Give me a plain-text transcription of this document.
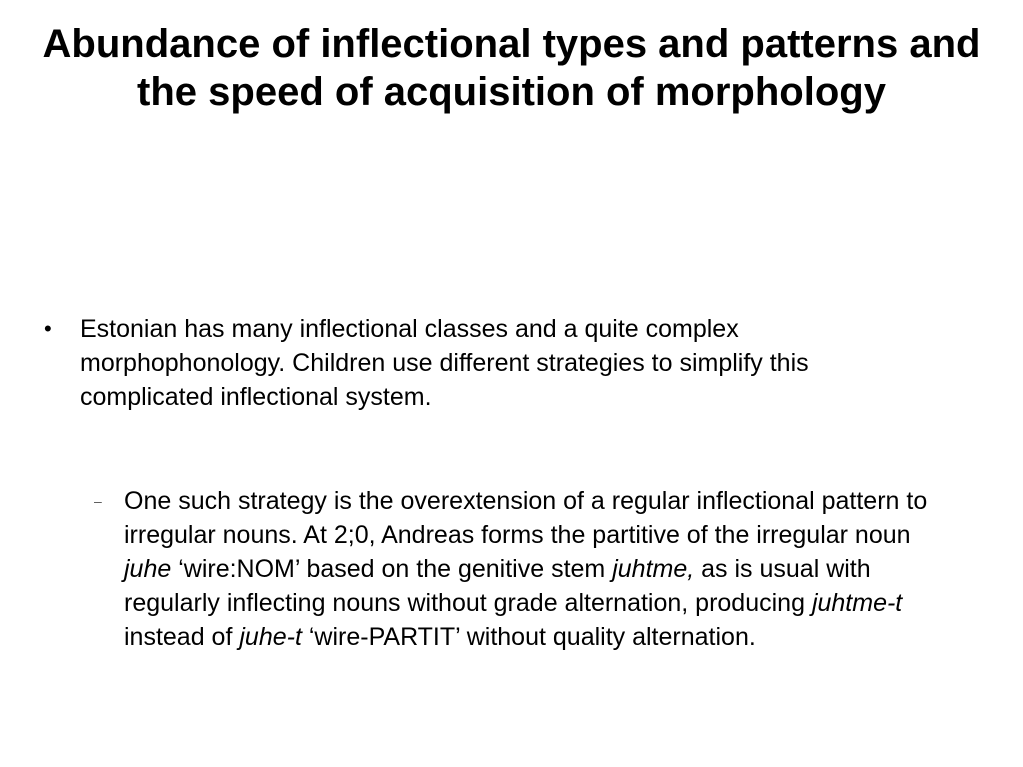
Abundance of inflectional types and patterns and the speed of acquisition of morphology
•	Estonian has many inflectional classes and a quite complex morphophonology. Children use different strategies to simplify this complicated inflectional system.
– One such strategy is the overextension of a regular inflectional pattern to irregular nouns. At 2;0, Andreas forms the partitive of the irregular noun juhe ‘wire:NOM’ based on the genitive stem juhtme, as is usual with regularly inflecting nouns without grade alternation, producing juhtme-t instead of juhe-t ‘wire-PARTIT’ without quality alternation.
